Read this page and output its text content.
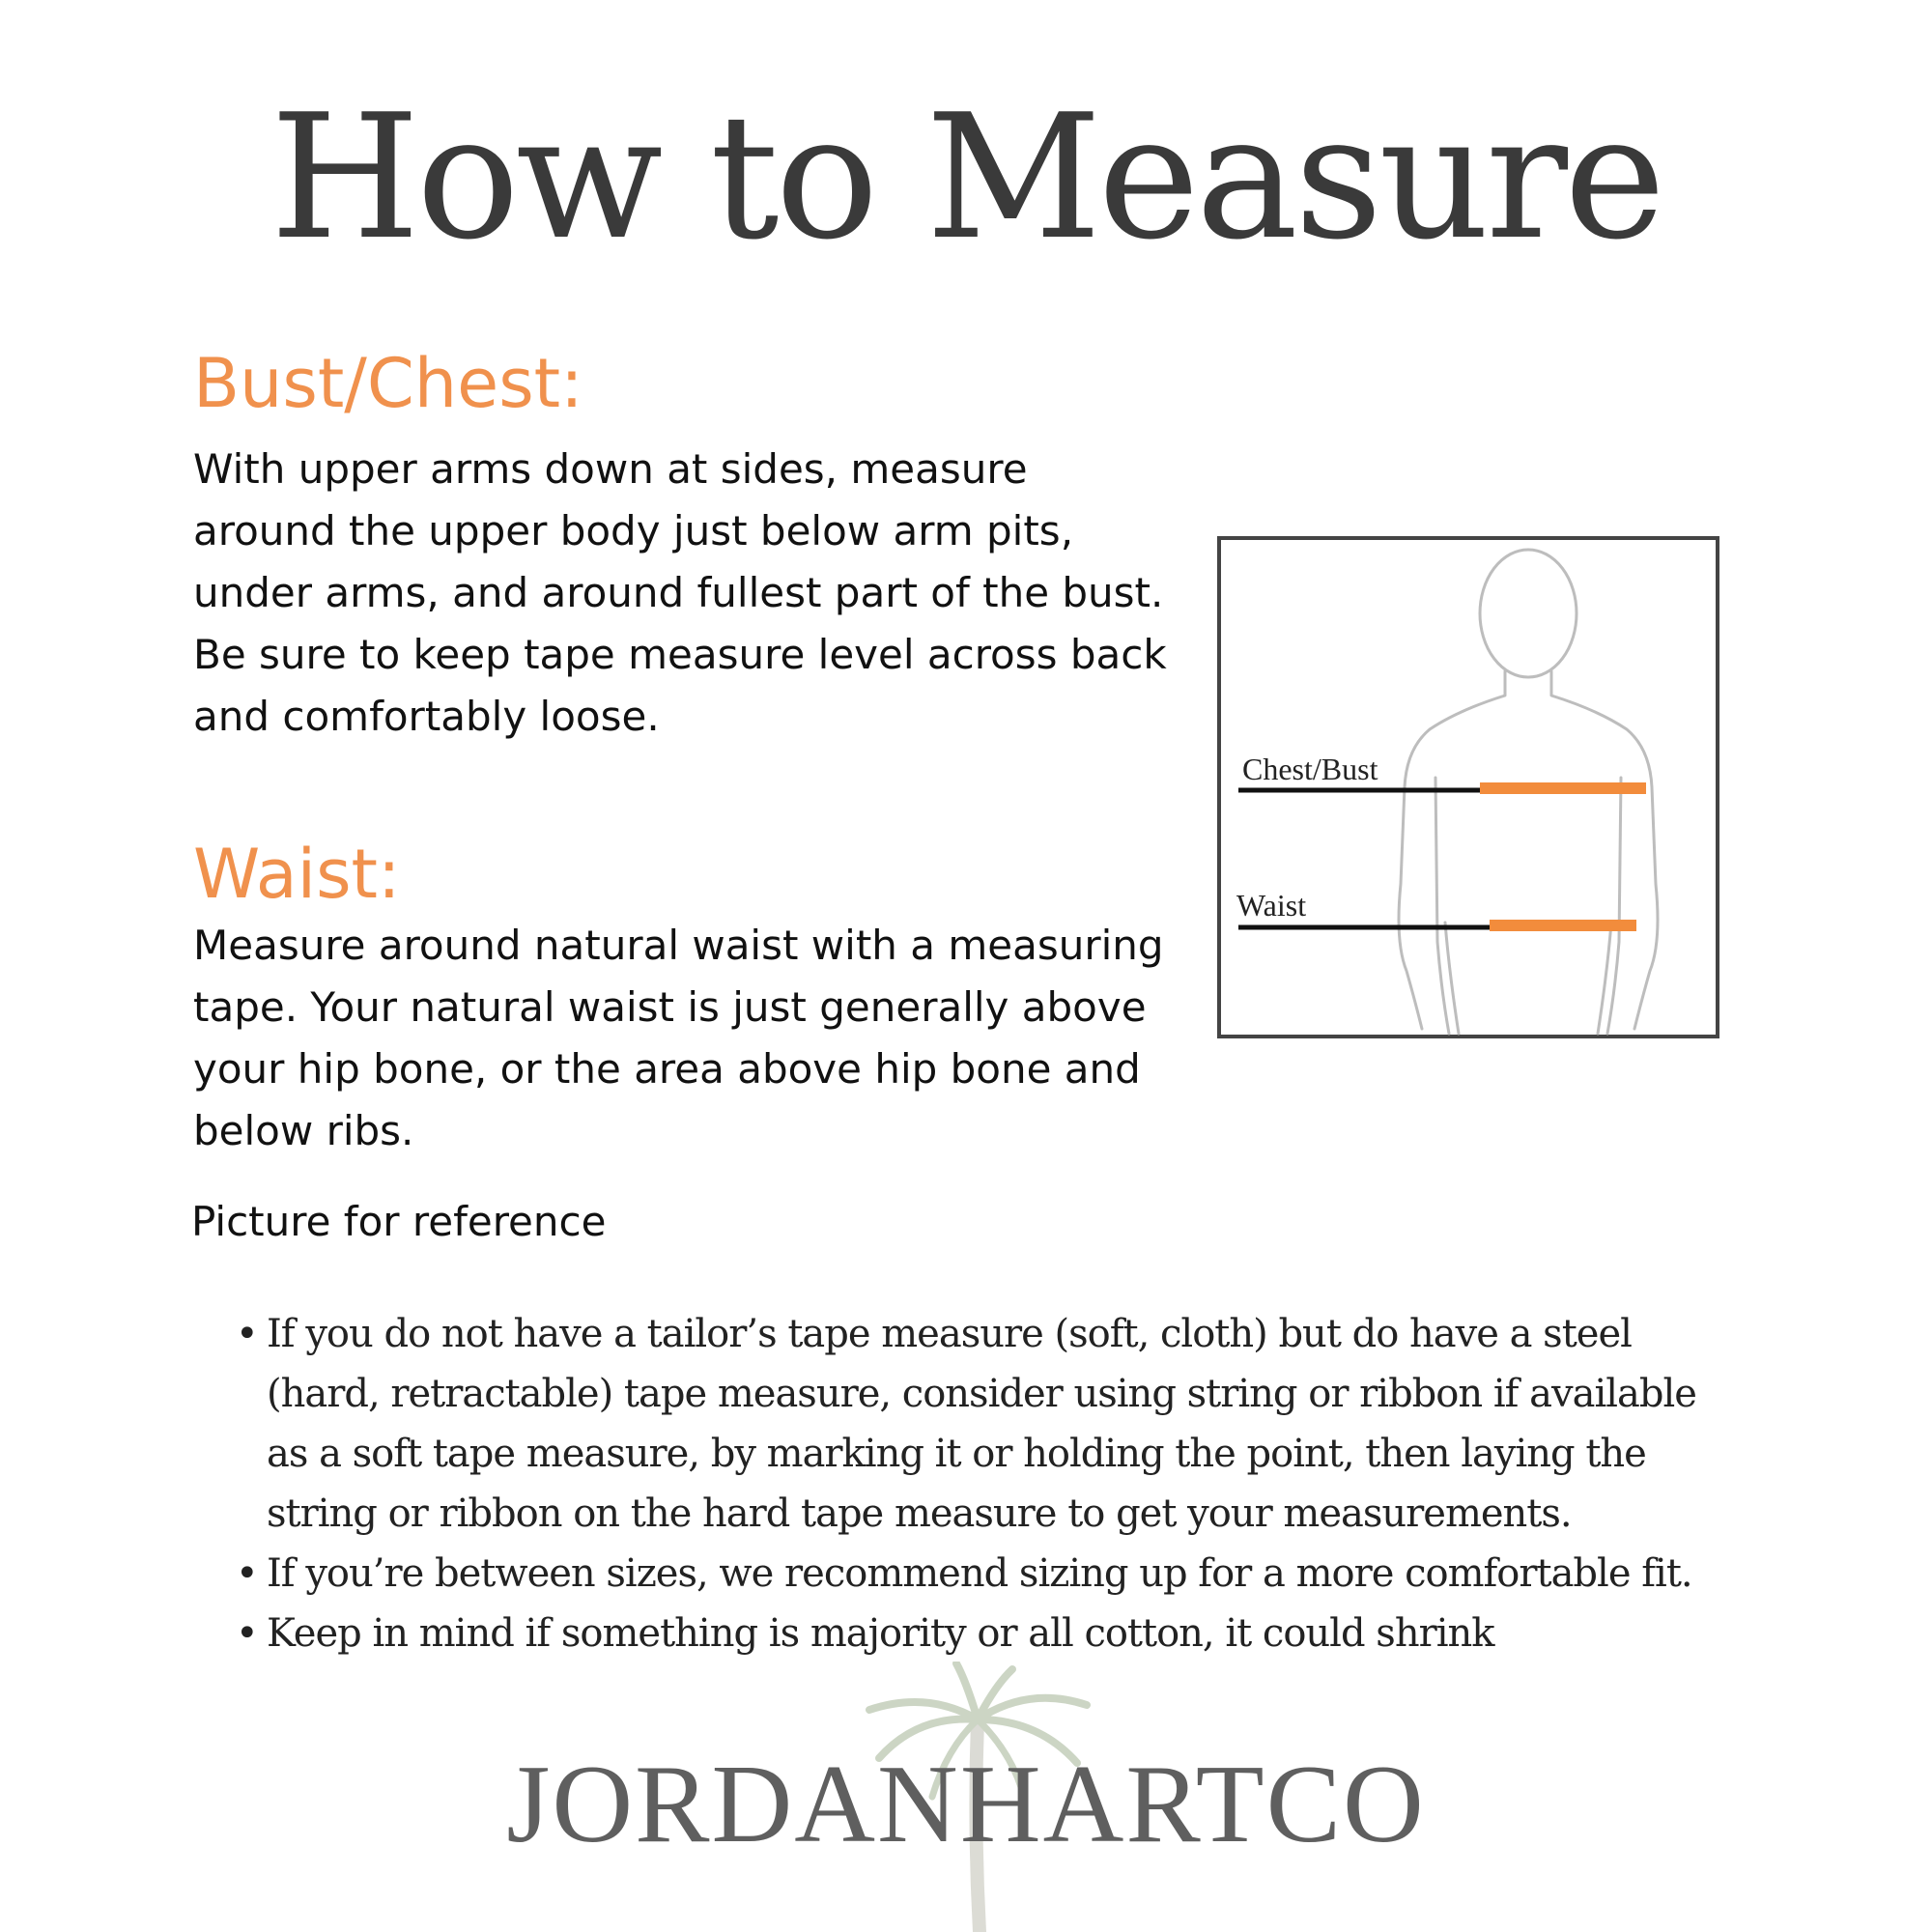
How to Measure
Bust/Chest:

With upper arms down at sides, measure around the upper body just below arm pits, under arms, and around fullest part of the bust. Be sure to keep tape measure level across back and comfortably loose.

Waist:

Measure around natural waist with a measuring tape. Your natural waist is just generally above your hip bone, or the area above hip bone and below ribs.

Picture for reference

Chest/Bust
Waist
• If you do not have a tailor’s tape measure (soft, cloth) but do have a steel (hard, retractable) tape measure, consider using string or ribbon if available as a soft tape measure, by marking it or holding the point, then laying the string or ribbon on the hard tape measure to get your measurements.
• If you’re between sizes, we recommend sizing up for a more comfortable fit.
• Keep in mind if something is majority or all cotton, it could shrink
JORDANHARTCO
